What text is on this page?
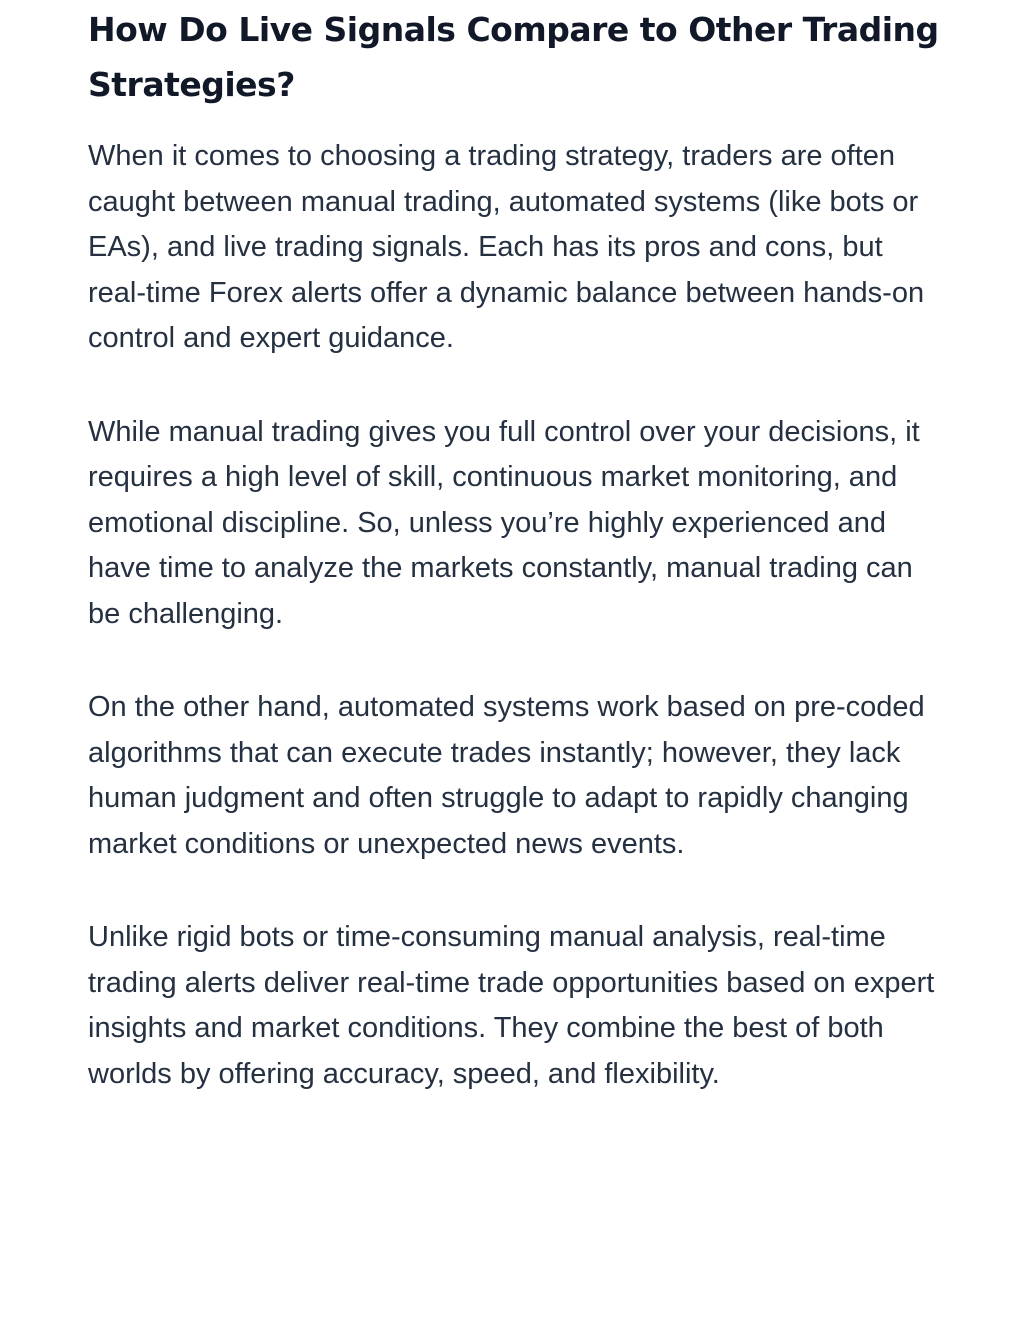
How Do Live Signals Compare to Other Trading Strategies?

When it comes to choosing a trading strategy, traders are often caught between manual trading, automated systems (like bots or EAs), and live trading signals. Each has its pros and cons, but real-time Forex alerts offer a dynamic balance between hands-on control and expert guidance.

While manual trading gives you full control over your decisions, it requires a high level of skill, continuous market monitoring, and emotional discipline. So, unless you’re highly experienced and have time to analyze the markets constantly, manual trading can be challenging.

On the other hand, automated systems work based on pre-coded algorithms that can execute trades instantly; however, they lack human judgment and often struggle to adapt to rapidly changing market conditions or unexpected news events.

Unlike rigid bots or time-consuming manual analysis, real-time trading alerts deliver real-time trade opportunities based on expert insights and market conditions. They combine the best of both worlds by offering accuracy, speed, and flexibility.
